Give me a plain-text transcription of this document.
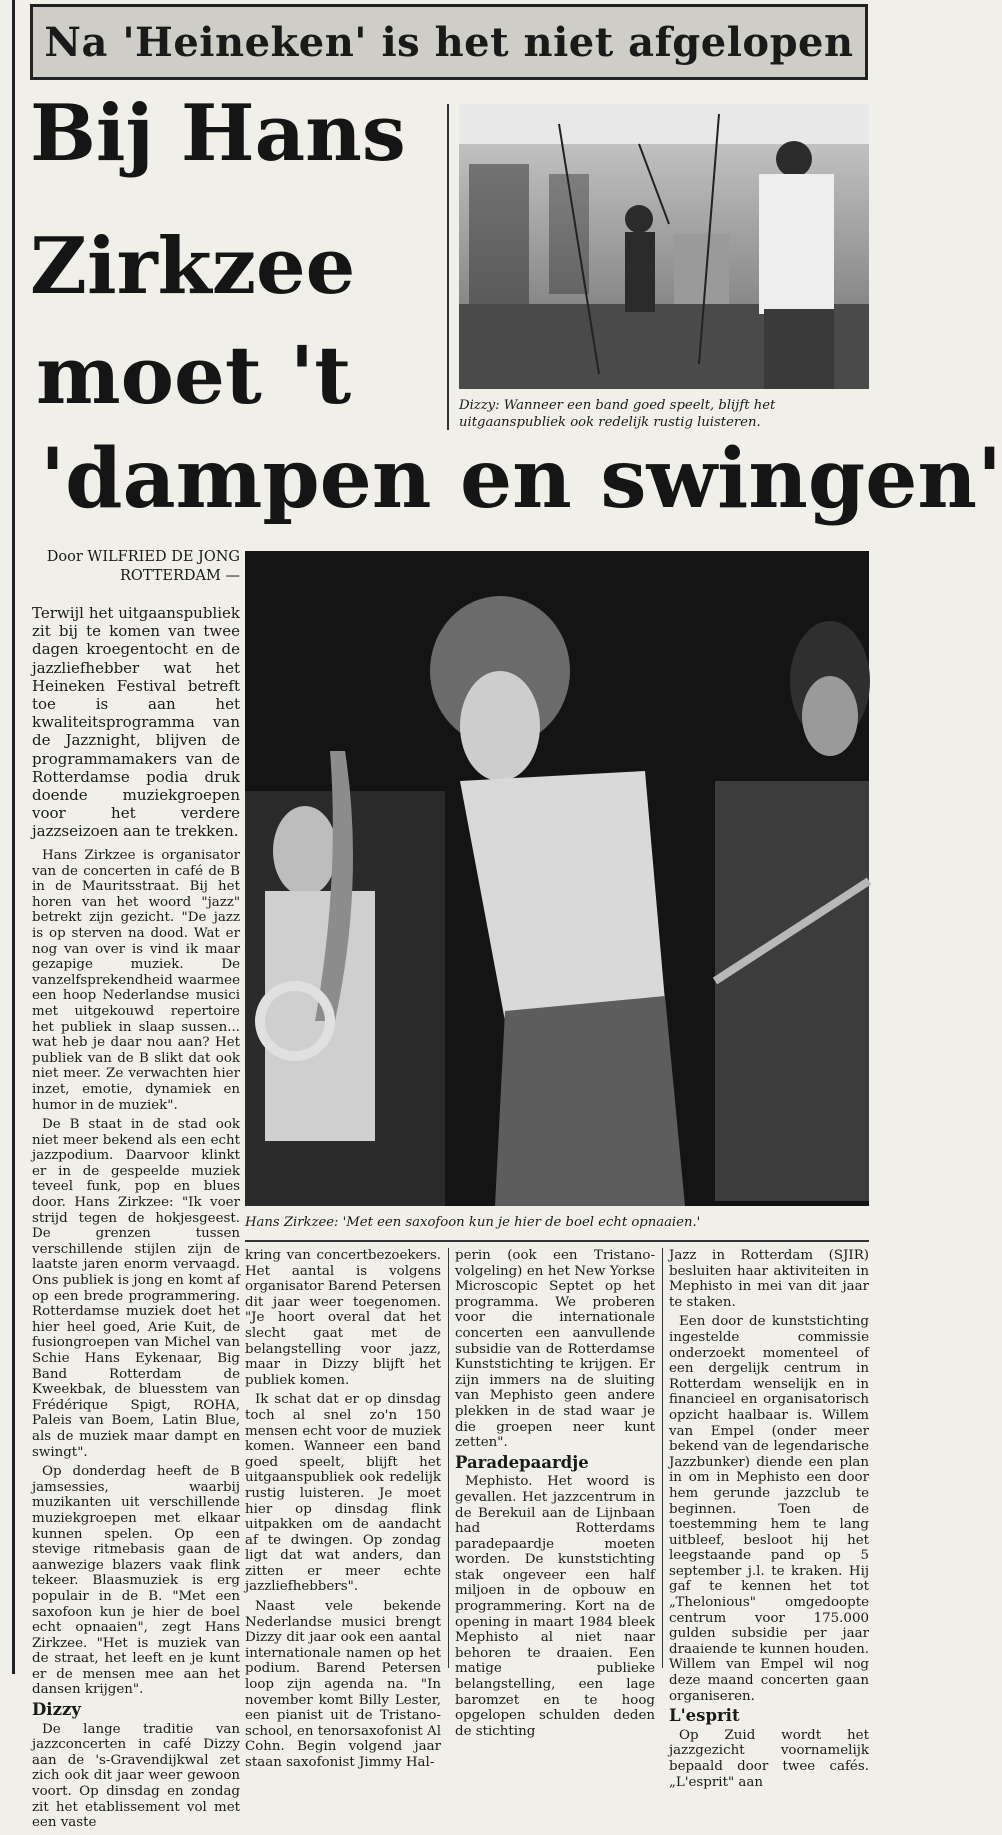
Na 'Heineken' is het niet afgelopen
Bij Hans
Zirkzee
moet 't
'dampen en swingen'
Dizzy: Wanneer een band goed speelt, blijft het uitgaanspubliek ook redelijk rustig luisteren.
Door WILFRIED DE JONG
ROTTERDAM —
Terwijl het uitgaanspubliek zit bij te komen van twee dagen kroegentocht en de jazzliefhebber wat het Heineken Festival betreft toe is aan het kwaliteitsprogramma van de Jazznight, blijven de programmamakers van de Rotterdamse podia druk doende muziekgroepen voor het verdere jazzseizoen aan te trekken.
Hans Zirkzee: 'Met een saxofoon kun je hier de boel echt opnaaien.'

Hans Zirkzee is organisator van de concerten in café de B in de Mauritsstraat. Bij het horen van het woord "jazz" betrekt zijn gezicht. "De jazz is op sterven na dood. Wat er nog van over is vind ik maar gezapige muziek. De vanzelfsprekendheid waarmee een hoop Nederlandse musici met uitgekouwd repertoire het publiek in slaap sussen... wat heb je daar nou aan? Het publiek van de B slikt dat ook niet meer. Ze verwachten hier inzet, emotie, dynamiek en humor in de muziek".

De B staat in de stad ook niet meer bekend als een echt jazzpodium. Daarvoor klinkt er in de gespeelde muziek teveel funk, pop en blues door. Hans Zirkzee: "Ik voer strijd tegen de hokjesgeest. De grenzen tussen verschillende stijlen zijn de laatste jaren enorm vervaagd. Ons publiek is jong en komt af op een brede programmering. Rotterdamse muziek doet het hier heel goed, Arie Kuit, de fusiongroepen van Michel van Schie Hans Eykenaar, Big Band Rotterdam de Kweekbak, de bluesstem van Frédérique Spigt, ROHA, Paleis van Boem, Latin Blue, als de muziek maar dampt en swingt".

Op donderdag heeft de B jamsessies, waarbij muzikanten uit verschillende muziekgroepen met elkaar kunnen spelen. Op een stevige ritmebasis gaan de aanwezige blazers vaak flink tekeer. Blaasmuziek is erg populair in de B. "Met een saxofoon kun je hier de boel echt opnaaien", zegt Hans Zirkzee. "Het is muziek van de straat, het leeft en je kunt er de mensen mee aan het dansen krijgen".

Dizzy

De lange traditie van jazzconcerten in café Dizzy aan de 's-Gravendijkwal zet zich ook dit jaar weer gewoon voort. Op dinsdag en zondag zit het etablissement vol met een vaste

kring van concertbezoekers. Het aantal is volgens organisator Barend Petersen dit jaar weer toegenomen. "Je hoort overal dat het slecht gaat met de belangstelling voor jazz, maar in Dizzy blijft het publiek komen.

Ik schat dat er op dinsdag toch al snel zo'n 150 mensen echt voor de muziek komen. Wanneer een band goed speelt, blijft het uitgaanspubliek ook redelijk rustig luisteren. Je moet hier op dinsdag flink uitpakken om de aandacht af te dwingen. Op zondag ligt dat wat anders, dan zitten er meer echte jazzliefhebbers".

Naast vele bekende Nederlandse musici brengt Dizzy dit jaar ook een aantal internationale namen op het podium. Barend Petersen loop zijn agenda na. "In november komt Billy Lester, een pianist uit de Tristano-school, en tenorsaxofonist Al Cohn. Begin volgend jaar staan saxofonist Jimmy Hal-

perin (ook een Tristano-volgeling) en het New Yorkse Microscopic Septet op het programma. We proberen voor die internationale concerten een aanvullende subsidie van de Rotterdamse Kunststichting te krijgen. Er zijn immers na de sluiting van Mephisto geen andere plekken in de stad waar je die groepen neer kunt zetten".

Paradepaardje

Mephisto. Het woord is gevallen. Het jazzcentrum in de Berekuil aan de Lijnbaan had Rotterdams paradepaardje moeten worden. De kunststichting stak ongeveer een half miljoen in de opbouw en programmering. Kort na de opening in maart 1984 bleek Mephisto al niet naar behoren te draaien. Een matige publieke belangstelling, een lage baromzet en te hoog opgelopen schulden deden de stichting

Jazz in Rotterdam (SJIR) besluiten haar aktiviteiten in Mephisto in mei van dit jaar te staken.

Een door de kunststichting ingestelde commissie onderzoekt momenteel of een dergelijk centrum in Rotterdam wenselijk en in financieel en organisatorisch opzicht haalbaar is. Willem van Empel (onder meer bekend van de legendarische Jazzbunker) diende een plan in om in Mephisto een door hem gerunde jazzclub te beginnen. Toen de toestemming hem te lang uitbleef, besloot hij het leegstaande pand op 5 september j.l. te kraken. Hij gaf te kennen het tot „Thelonious" omgedoopte centrum voor 175.000 gulden subsidie per jaar draaiende te kunnen houden. Willem van Empel wil nog deze maand concerten gaan organiseren.

L'esprit

Op Zuid wordt het jazzgezicht voornamelijk bepaald door twee cafés. „L'esprit" aan
